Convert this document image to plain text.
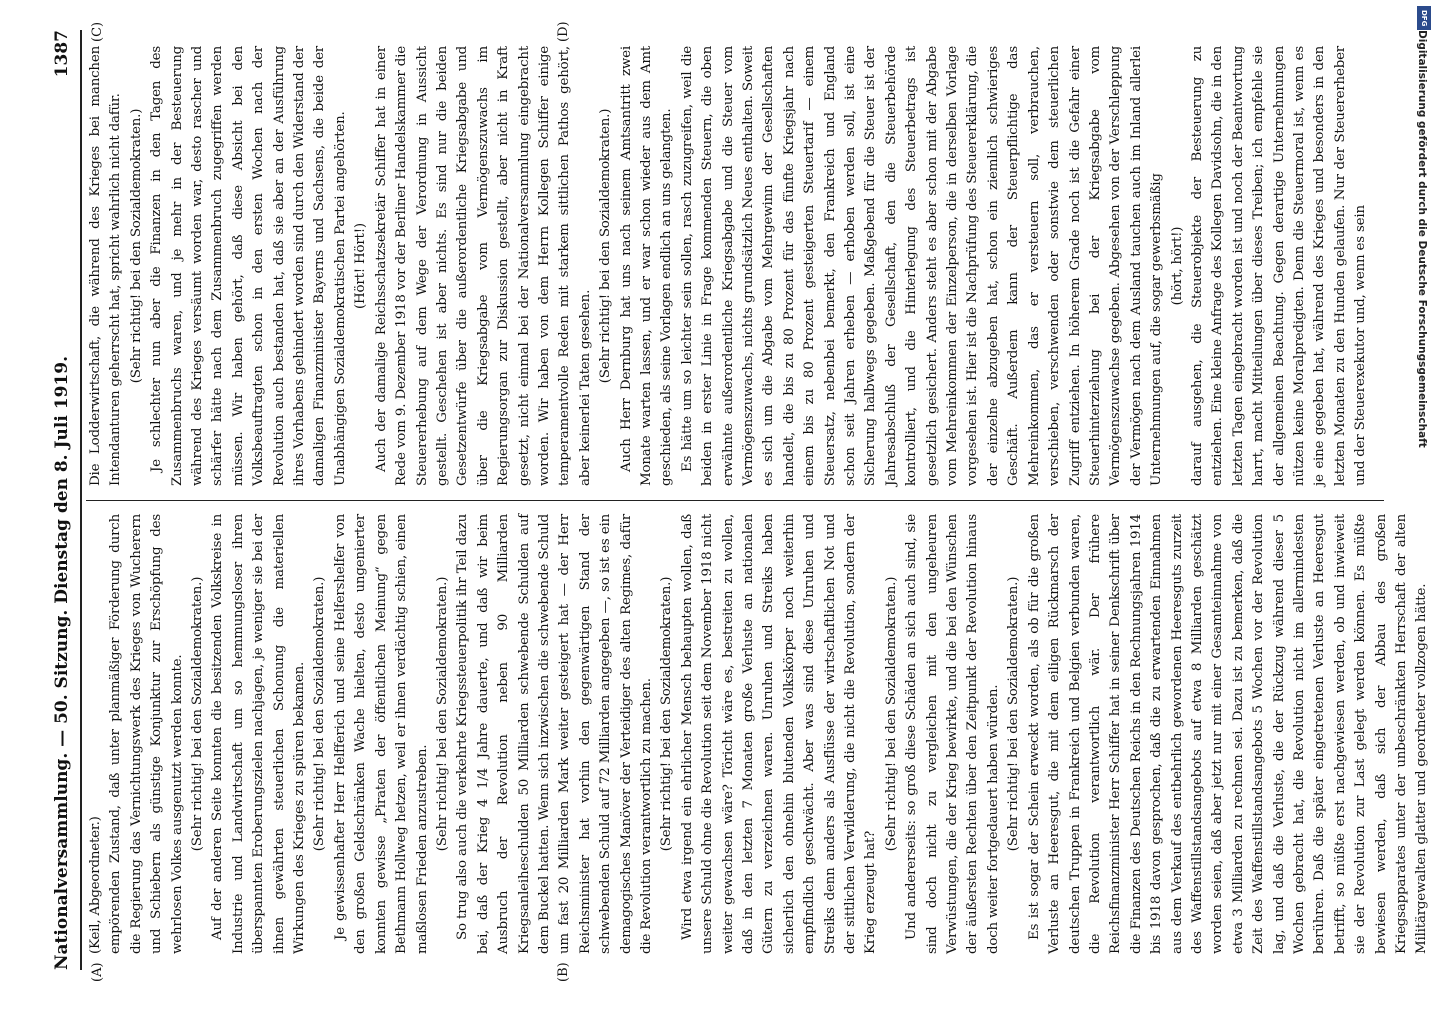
Nationalversammlung. — 50. Sitzung. Dienstag den 8. Juli 1919.
1387
(A)	(B)
(C)	(D)

(Keil, Abgeordneter.) empörenden Zustand, daß unter planmäßiger Förderung durch die Regierung das Vernichtungswerk des Krieges von Wucherern und Schiebern als günstige Konjunktur zur Erschöpfung des wehrlosen Volkes ausgenutzt werden konnte. (Sehr richtig! bei den Sozialdemokraten.) Auf der anderen Seite konnten die besitzenden Volkskreise in Industrie und Landwirtschaft um so hemmungsloser ihren überspannten Eroberungszielen nachjagen, je weniger sie bei der ihnen gewährten steuerlichen Schonung die materiellen Wirkungen des Krieges zu spüren bekamen. (Sehr richtig! bei den Sozialdemokraten.) Je gewissenhafter Herr Helfferich und seine Helfershelfer von den großen Geldschränken Wache hielten, desto ungenierter konnten gewisse „Piraten der öffentlichen Meinung“ gegen Bethmann Hollweg hetzen, weil er ihnen verdächtig schien, einen maßlosen Frieden anzustreben. (Sehr richtig! bei den Sozialdemokraten.) So trug also auch die verkehrte Kriegssteuerpolitik ihr Teil dazu bei, daß der Krieg 4 1/4 Jahre dauerte, und daß wir beim Ausbruch der Revolution neben 90 Milliarden Kriegsanleiheschulden 50 Milliarden schwebende Schulden auf dem Buckel hatten. Wenn sich inzwischen die schwebende Schuld um fast 20 Milliarden Mark weiter gesteigert hat — der Herr Reichsminister hat vorhin den gegenwärtigen Stand der schwebenden Schuld auf 72 Milliarden angegeben —, so ist es ein demagogisches Manöver der Verteidiger des alten Regimes, dafür die Revolution verantwortlich zu machen. (Sehr richtig! bei den Sozialdemokraten.) Wird etwa irgend ein ehrlicher Mensch behaupten wollen, daß unsere Schuld ohne die Revolution seit dem November 1918 nicht weiter gewachsen wäre? Töricht wäre es, bestreiten zu wollen, daß in den letzten 7 Monaten große Verluste an nationalen Gütern zu verzeichnen waren. Unruhen und Streiks haben sicherlich den ohnehin blutenden Volkskörper noch weiterhin empfindlich geschwächt. Aber was sind diese Unruhen und Streiks denn anders als Ausflüsse der wirtschaftlichen Not und der sittlichen Verwilderung, die nicht die Revolution, sondern der Krieg erzeugt hat?

(Sehr richtig! bei den Sozialdemokraten.) Und andererseits: so groß diese Schäden an sich auch sind, sie sind doch nicht zu vergleichen mit den ungeheuren Verwüstungen, die der Krieg bewirkte, und die bei den Wünschen der äußersten Rechten über den Zeitpunkt der Revolution hinaus doch weiter fortgedauert haben würden. (Sehr richtig! bei den Sozialdemokraten.) Es ist sogar der Schein erweckt worden, als ob für die großen Verluste an Heeresgut, die mit dem eiligen Rückmarsch der deutschen Truppen in Frankreich und Belgien verbunden waren, die Revolution verantwortlich wär. Der frühere Reichsfinanzminister Herr Schiffer hat in seiner Denkschrift über die Finanzen des Deutschen Reichs in den Rechnungsjahren 1914 bis 1918 davon gesprochen, daß die zu erwartenden Einnahmen aus dem Verkauf des entbehrlich gewordenen Heeresguts zurzeit des Waffenstillstandsangebots auf etwa 8 Milliarden geschätzt worden seien, daß aber jetzt nur mit einer Gesamteinnahme von etwa 3 Milliarden zu rechnen sei. Dazu ist zu bemerken, daß die Zeit des Waffenstillstandsangebots 5 Wochen vor der Revolution lag, und daß die Verluste, die der Rückzug während dieser 5 Wochen gebracht hat, die Revolution nicht im allermindesten berühren. Daß die später eingetretenen Verluste an Heeresgut betrifft, so müßte erst nachgewiesen werden, ob und inwieweit sie der Revolution zur Last gelegt werden können. Es müßte bewiesen werden, daß sich der Abbau des großen Kriegsapparates unter der unbeschränkten Herrschaft der alten Militärgewalten glatter und geordneter vollzogen hätte.

Die Lodderwirtschaft, die während des Krieges bei manchen Intendanturen geherrscht hat, spricht wahrlich nicht dafür. (Sehr richtig! bei den Sozialdemokraten.) Je schlechter nun aber die Finanzen in den Tagen des Zusammenbruchs waren, und je mehr in der Besteuerung während des Krieges versäumt worden war, desto rascher und schärfer hätte nach dem Zusammenbruch zugegriffen werden müssen. Wir haben gehört, daß diese Absicht bei den Volksbeauftragten schon in den ersten Wochen nach der Revolution auch bestanden hat, daß sie aber an der Ausführung ihres Vorhabens gehindert worden sind durch den Widerstand der damaligen Finanzminister Bayerns und Sachsens, die beide der Unabhängigen Sozialdemokratischen Partei angehörten. (Hört! Hört!) Auch der damalige Reichsschatzsekretär Schiffer hat in einer Rede vom 9. Dezember 1918 vor der Berliner Handelskammer die Steuererhebung auf dem Wege der Verordnung in Aussicht gestellt. Geschehen ist aber nichts. Es sind nur die beiden Gesetzentwürfe über die außerordentliche Kriegsabgabe und über die Kriegsabgabe vom Vermögenszuwachs im Regierungsorgan zur Diskussion gestellt, aber nicht in Kraft gesetzt, nicht einmal bei der Nationalversammlung eingebracht worden. Wir haben von dem Herrn Kollegen Schiffer einige temperamentvolle Reden mit starkem sittlichen Pathos gehört, aber keinerlei Taten gesehen.

(Sehr richtig! bei den Sozialdemokraten.) Auch Herr Dernburg hat uns nach seinem Amtsantritt zwei Monate warten lassen, und er war schon wieder aus dem Amt geschieden, als seine Vorlagen endlich an uns gelangten. Es hätte um so leichter sein sollen, rasch zuzugreifen, weil die beiden in erster Linie in Frage kommenden Steuern, die oben erwähnte außerordentliche Kriegsabgabe und die Steuer vom Vermögenszuwachs, nichts grundsätzlich Neues enthalten. Soweit es sich um die Abgabe vom Mehrgewinn der Gesellschaften handelt, die bis zu 80 Prozent für das fünfte Kriegsjahr nach einem bis zu 80 Prozent gesteigerten Steuertarif — einem Steuersatz, nebenbei bemerkt, den Frankreich und England schon seit Jahren erheben — erhoben werden soll, ist eine Sicherung halbwegs gegeben. Maßgebend für die Steuer ist der Jahresabschluß der Gesellschaft, den die Steuerbehörde kontrolliert, und die Hinterlegung des Steuerbetrags ist gesetzlich gesichert. Anders steht es aber schon mit der Abgabe vom Mehreinkommen der Einzelperson, die in derselben Vorlage vorgesehen ist. Hier ist die Nachprüfung des Steuererklärung, die der einzelne abzugeben hat, schon ein ziemlich schwieriges Geschäft. Außerdem kann der Steuerpflichtige das Mehreinkommen, das er versteuern soll, verbrauchen, verschieben, verschwenden oder sonstwie dem steuerlichen Zugriff entziehen. In höherem Grade noch ist die Gefahr einer Steuerhinterziehung bei der Kriegsabgabe vom Vermögenszuwachse gegeben. Abgesehen von der Verschleppung der Vermögen nach dem Ausland tauchen auch im Inland allerlei Unternehmungen auf, die sogar gewerbsmäßig (hört, hört!) darauf ausgehen, die Steuerobjekte der Besteuerung zu entziehen. Eine kleine Anfrage des Kollegen Davidsohn, die in den letzten Tagen eingebracht worden ist und noch der Beantwortung harrt, macht Mitteilungen über dieses Treiben; ich empfehle sie der allgemeinen Beachtung. Gegen derartige Unternehmungen nützen keine Moralpredigten. Denn die Steuermoral ist, wenn es je eine gegeben hat, während des Krieges und besonders in den letzten Monaten zu den Hunden gelaufen. Nur der Steuererheber und der Steuerexekutor und, wenn es sein	Digitalisierung gefördert durch die Deutsche Forschungsgemeinschaft
DFG
